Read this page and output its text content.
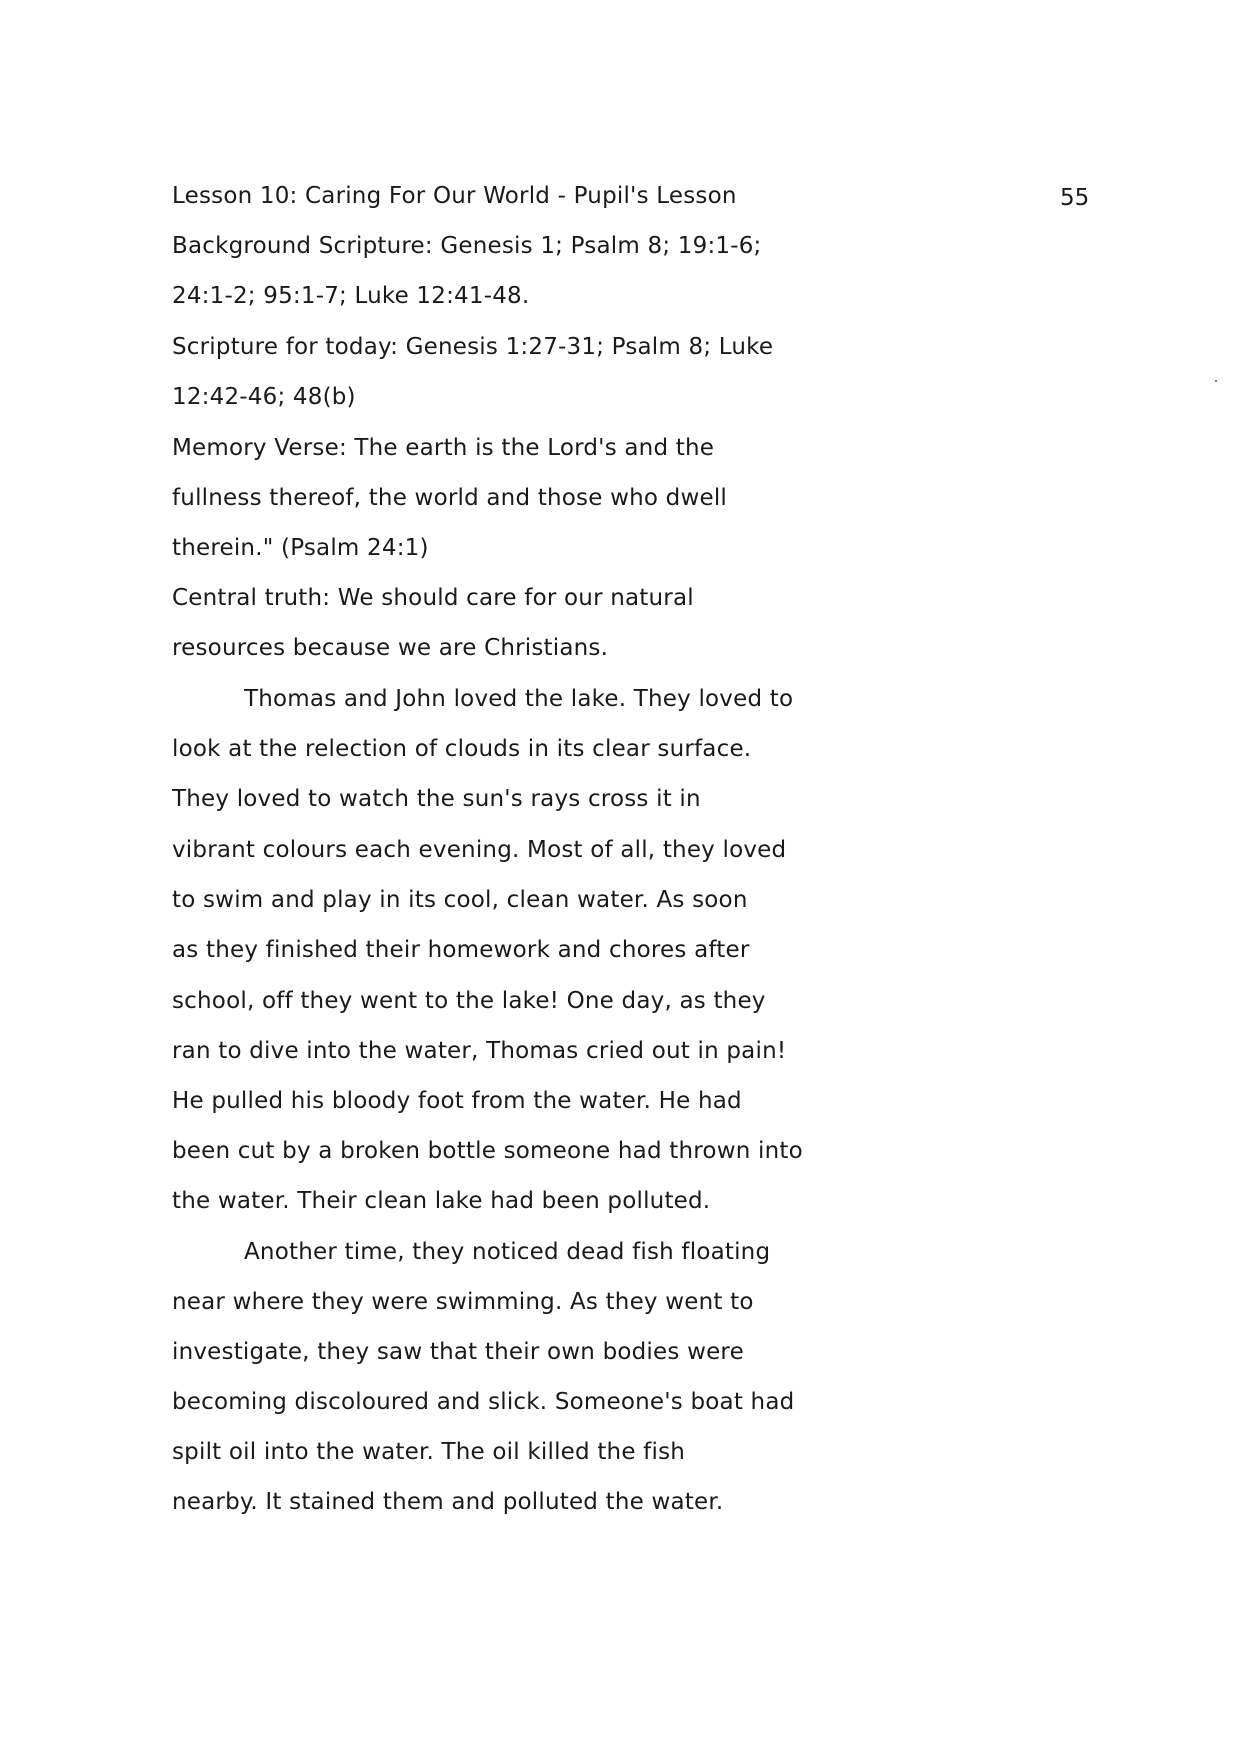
55
Lesson 10: Caring For Our World - Pupil's Lesson
Background Scripture: Genesis 1; Psalm 8; 19:1-6;
24:1-2; 95:1-7; Luke 12:41-48.
Scripture for today: Genesis 1:27-31; Psalm 8; Luke
12:42-46; 48(b)
Memory Verse: The earth is the Lord's and the
fullness thereof, the world and those who dwell
therein." (Psalm 24:1)
Central truth: We should care for our natural
resources because we are Christians.
Thomas and John loved the lake. They loved to
look at the relection of clouds in its clear surface.
They loved to watch the sun's rays cross it in
vibrant colours each evening. Most of all, they loved
to swim and play in its cool, clean water. As soon
as they finished their homework and chores after
school, off they went to the lake! One day, as they
ran to dive into the water, Thomas cried out in pain!
He pulled his bloody foot from the water. He had
been cut by a broken bottle someone had thrown into
the water. Their clean lake had been polluted.
Another time, they noticed dead fish floating
near where they were swimming. As they went to
investigate, they saw that their own bodies were
becoming discoloured and slick. Someone's boat had
spilt oil into the water. The oil killed the fish
nearby. It stained them and polluted the water.
